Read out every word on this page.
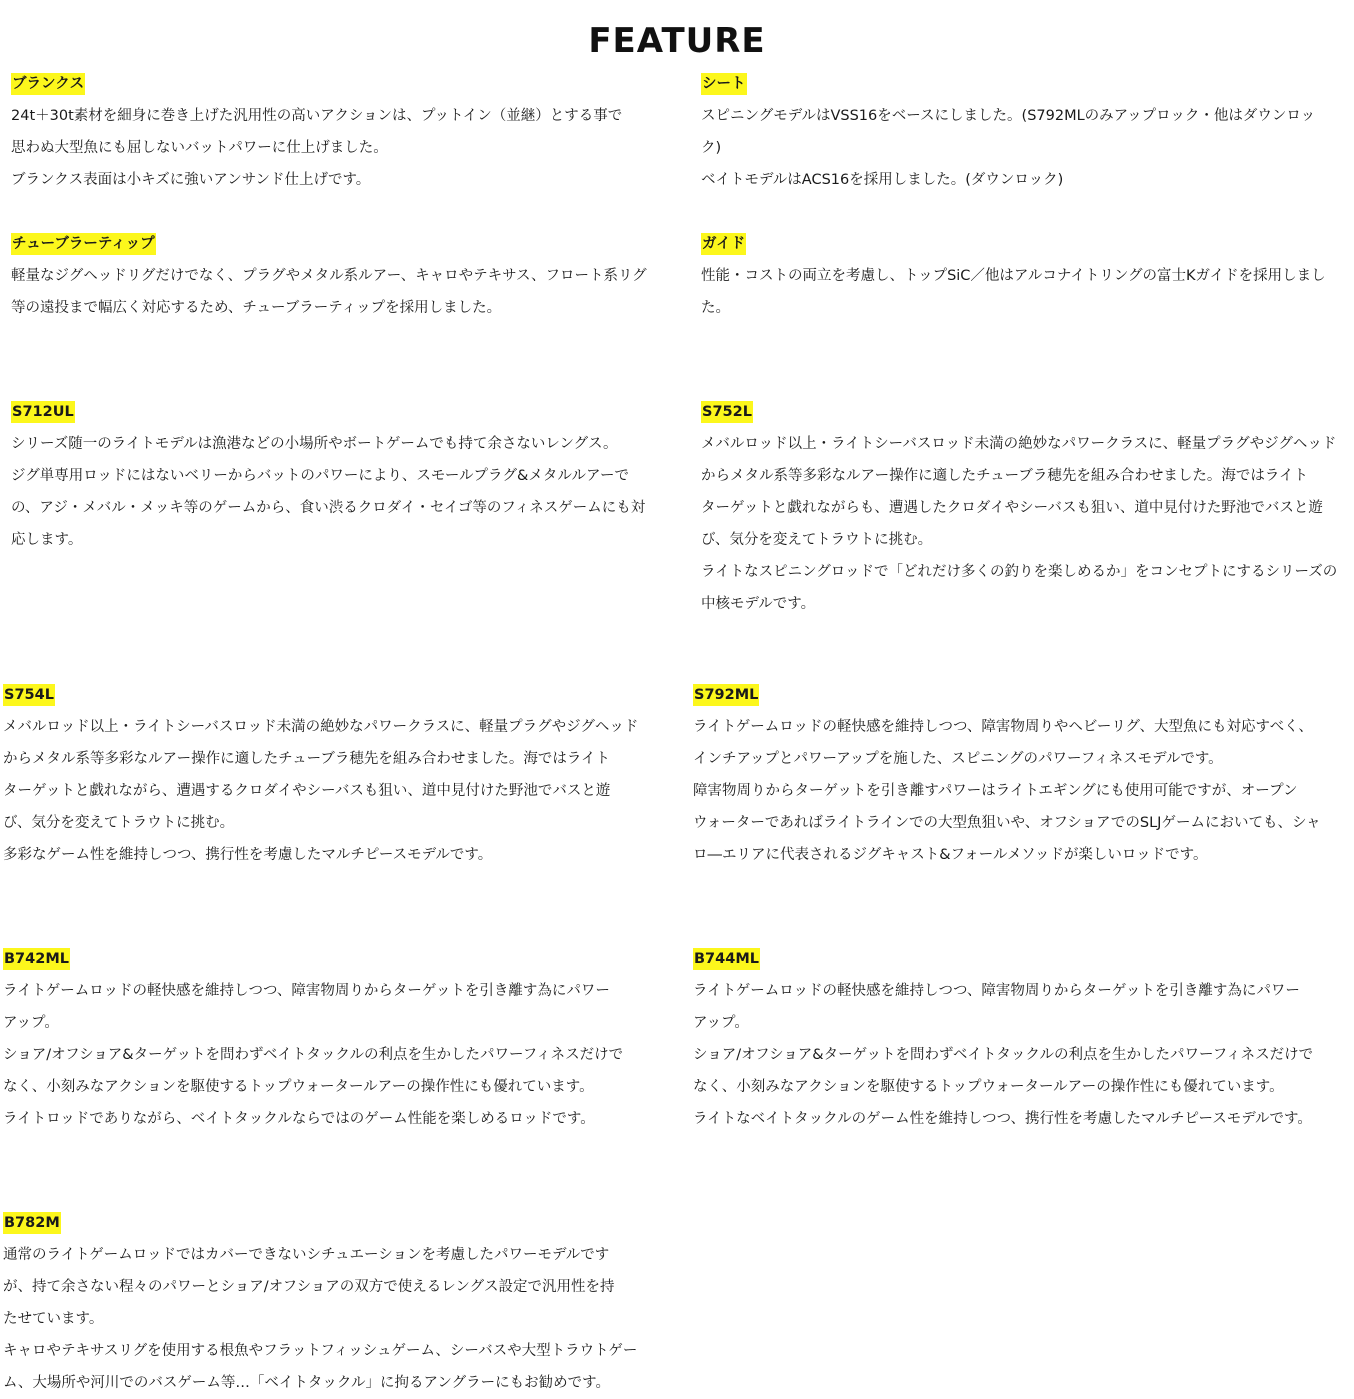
FEATURE
ブランクス

24t＋30t素材を細身に巻き上げた汎用性の高いアクションは、プットイン（並継）とする事で

思わぬ大型魚にも屈しないバットパワーに仕上げました。

ブランクス表面は小キズに強いアンサンド仕上げです。

シート

スピニングモデルはVSS16をベースにしました。(S792MLのみアップロック・他はダウンロッ

ク)

ベイトモデルはACS16を採用しました。(ダウンロック)

チューブラーティップ

軽量なジグヘッドリグだけでなく、プラグやメタル系ルアー、キャロやテキサス、フロート系リグ

等の遠投まで幅広く対応するため、チューブラーティップを採用しました。

ガイド

性能・コストの両立を考慮し、トップSiC／他はアルコナイトリングの富士Kガイドを採用しまし

た。

S712UL

シリーズ随一のライトモデルは漁港などの小場所やボートゲームでも持て余さないレングス。

ジグ単専用ロッドにはないベリーからバットのパワーにより、スモールプラグ&メタルルアーで

の、アジ・メバル・メッキ等のゲームから、食い渋るクロダイ・セイゴ等のフィネスゲームにも対

応します。

S752L

メバルロッド以上・ライトシーバスロッド未満の絶妙なパワークラスに、軽量プラグやジグヘッド

からメタル系等多彩なルアー操作に適したチューブラ穂先を組み合わせました。海ではライト

ターゲットと戯れながらも、遭遇したクロダイやシーバスも狙い、道中見付けた野池でバスと遊

び、気分を変えてトラウトに挑む。

ライトなスピニングロッドで「どれだけ多くの釣りを楽しめるか」をコンセプトにするシリーズの

中核モデルです。

S754L

メバルロッド以上・ライトシーバスロッド未満の絶妙なパワークラスに、軽量プラグやジグヘッド

からメタル系等多彩なルアー操作に適したチューブラ穂先を組み合わせました。海ではライト

ターゲットと戯れながら、遭遇するクロダイやシーバスも狙い、道中見付けた野池でバスと遊

び、気分を変えてトラウトに挑む。

多彩なゲーム性を維持しつつ、携行性を考慮したマルチピースモデルです。

S792ML

ライトゲームロッドの軽快感を維持しつつ、障害物周りやヘビーリグ、大型魚にも対応すべく、

インチアップとパワーアップを施した、スピニングのパワーフィネスモデルです。

障害物周りからターゲットを引き離すパワーはライトエギングにも使用可能ですが、オープン

ウォーターであればライトラインでの大型魚狙いや、オフショアでのSLJゲームにおいても、シャ

ロ―エリアに代表されるジグキャスト&フォールメソッドが楽しいロッドです。

B742ML

ライトゲームロッドの軽快感を維持しつつ、障害物周りからターゲットを引き離す為にパワー

アップ。

ショア/オフショア&ターゲットを問わずベイトタックルの利点を生かしたパワーフィネスだけで

なく、小刻みなアクションを駆使するトップウォータールアーの操作性にも優れています。

ライトロッドでありながら、ベイトタックルならではのゲーム性能を楽しめるロッドです。

B744ML

ライトゲームロッドの軽快感を維持しつつ、障害物周りからターゲットを引き離す為にパワー

アップ。

ショア/オフショア&ターゲットを問わずベイトタックルの利点を生かしたパワーフィネスだけで

なく、小刻みなアクションを駆使するトップウォータールアーの操作性にも優れています。

ライトなベイトタックルのゲーム性を維持しつつ、携行性を考慮したマルチピースモデルです。

B782M

通常のライトゲームロッドではカバーできないシチュエーションを考慮したパワーモデルです

が、持て余さない程々のパワーとショア/オフショアの双方で使えるレングス設定で汎用性を持

たせています。

キャロやテキサスリグを使用する根魚やフラットフィッシュゲーム、シーバスや大型トラウトゲー

ム、大場所や河川でのバスゲーム等…「ベイトタックル」に拘るアングラーにもお勧めです。
